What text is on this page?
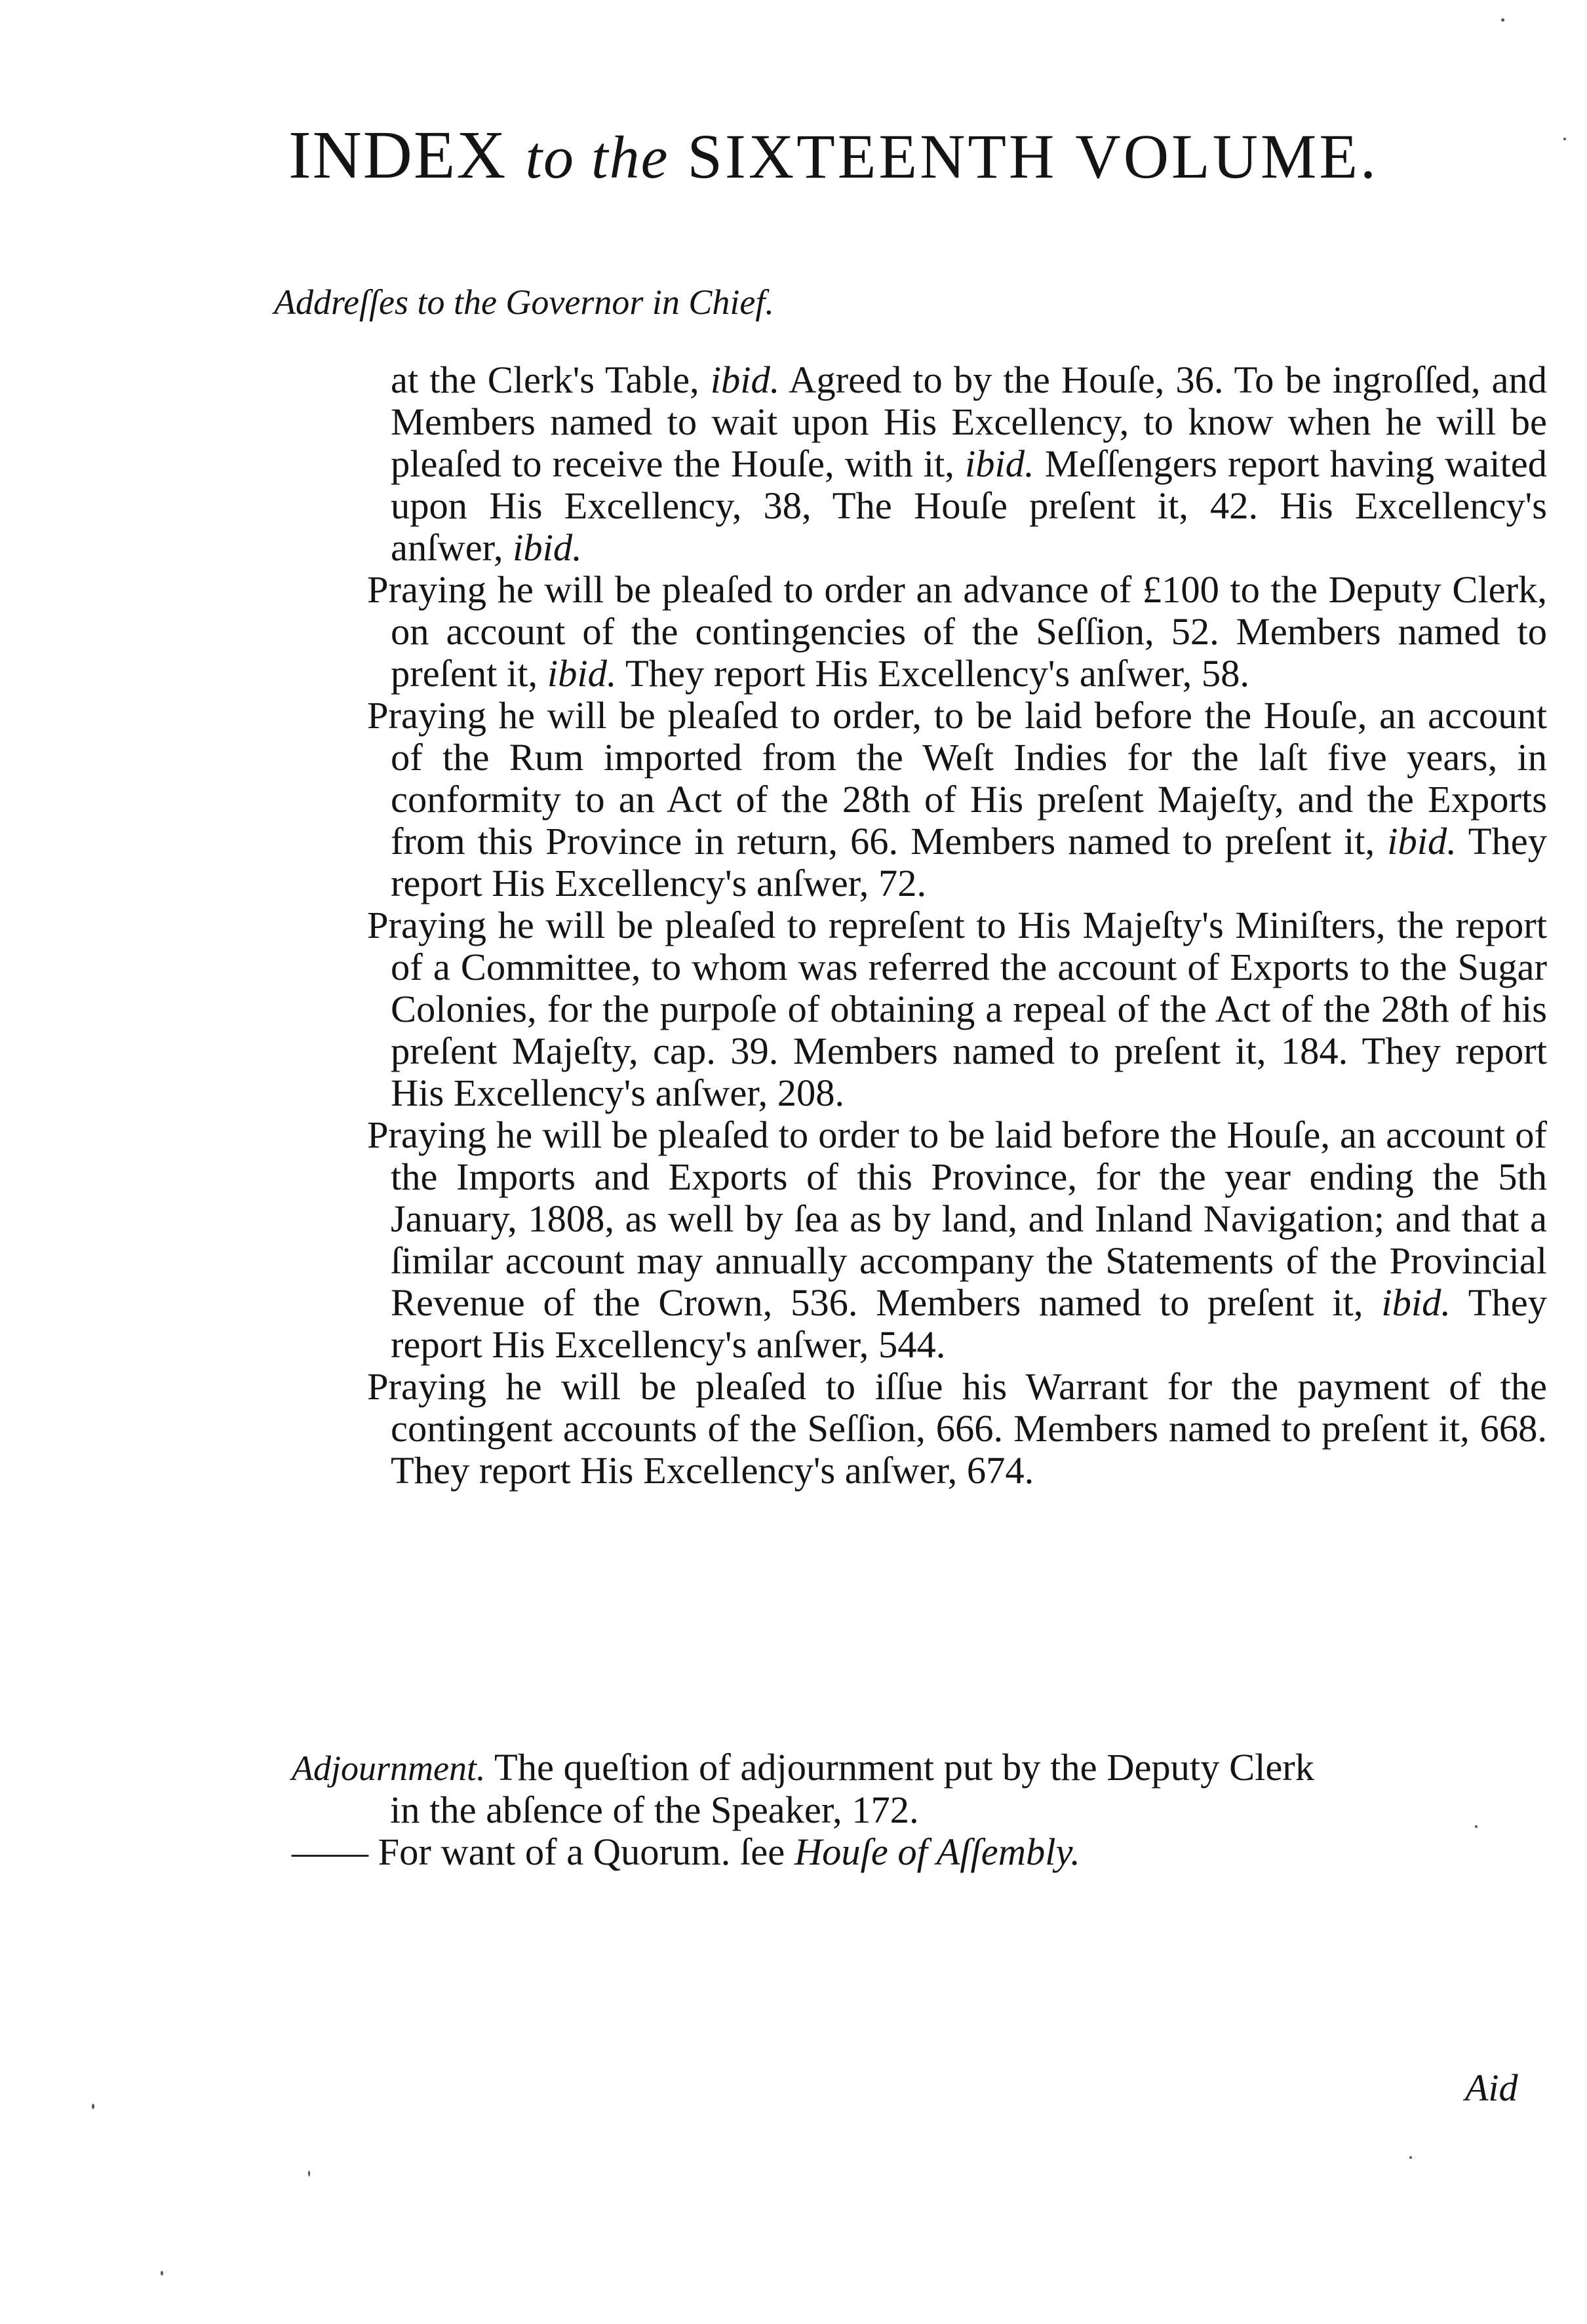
INDEX to the SIXTEENTH VOLUME.
Addreſſes to the Governor in Chief.

at the Clerk's Table, ibid. Agreed to by the Houſe, 36. To be ingroſſed, and Members named to wait upon His Excellency, to know when he will be pleaſed to receive the Houſe, with it, ibid. Meſſengers report having waited upon His Excellency, 38, The Houſe preſent it, 42. His Excellency's anſwer, ibid.

Praying he will be pleaſed to order an advance of £100 to the Deputy Clerk, on account of the contingencies of the Seſſion, 52. Members named to preſent it, ibid. They report His Excellency's anſwer, 58.

Praying he will be pleaſed to order, to be laid before the Houſe, an account of the Rum imported from the Weſt Indies for the laſt five years, in conformity to an Act of the 28th of His preſent Majeſty, and the Exports from this Province in return, 66. Members named to preſent it, ibid. They report His Excellency's anſwer, 72.

Praying he will be pleaſed to repreſent to His Majeſty's Miniſters, the report of a Committee, to whom was referred the account of Exports to the Sugar Colonies, for the purpoſe of obtaining a repeal of the Act of the 28th of his preſent Majeſty, cap. 39. Members named to preſent it, 184. They report His Excellency's anſwer, 208.

Praying he will be pleaſed to order to be laid before the Houſe, an account of the Imports and Exports of this Province, for the year ending the 5th January, 1808, as well by ſea as by land, and Inland Navigation; and that a ſimilar account may annually accompany the Statements of the Provincial Revenue of the Crown, 536. Members named to preſent it, ibid. They report His Excellency's anſwer, 544.

Praying he will be pleaſed to iſſue his Warrant for the payment of the contingent accounts of the Seſſion, 666. Members named to preſent it, 668. They report His Excellency's anſwer, 674.

Adjournment. The queſtion of adjournment put by the Deputy Clerk
in the abſence of the Speaker, 172.
—— For want of a Quorum. ſee Houſe of Aſſembly.
Aid
